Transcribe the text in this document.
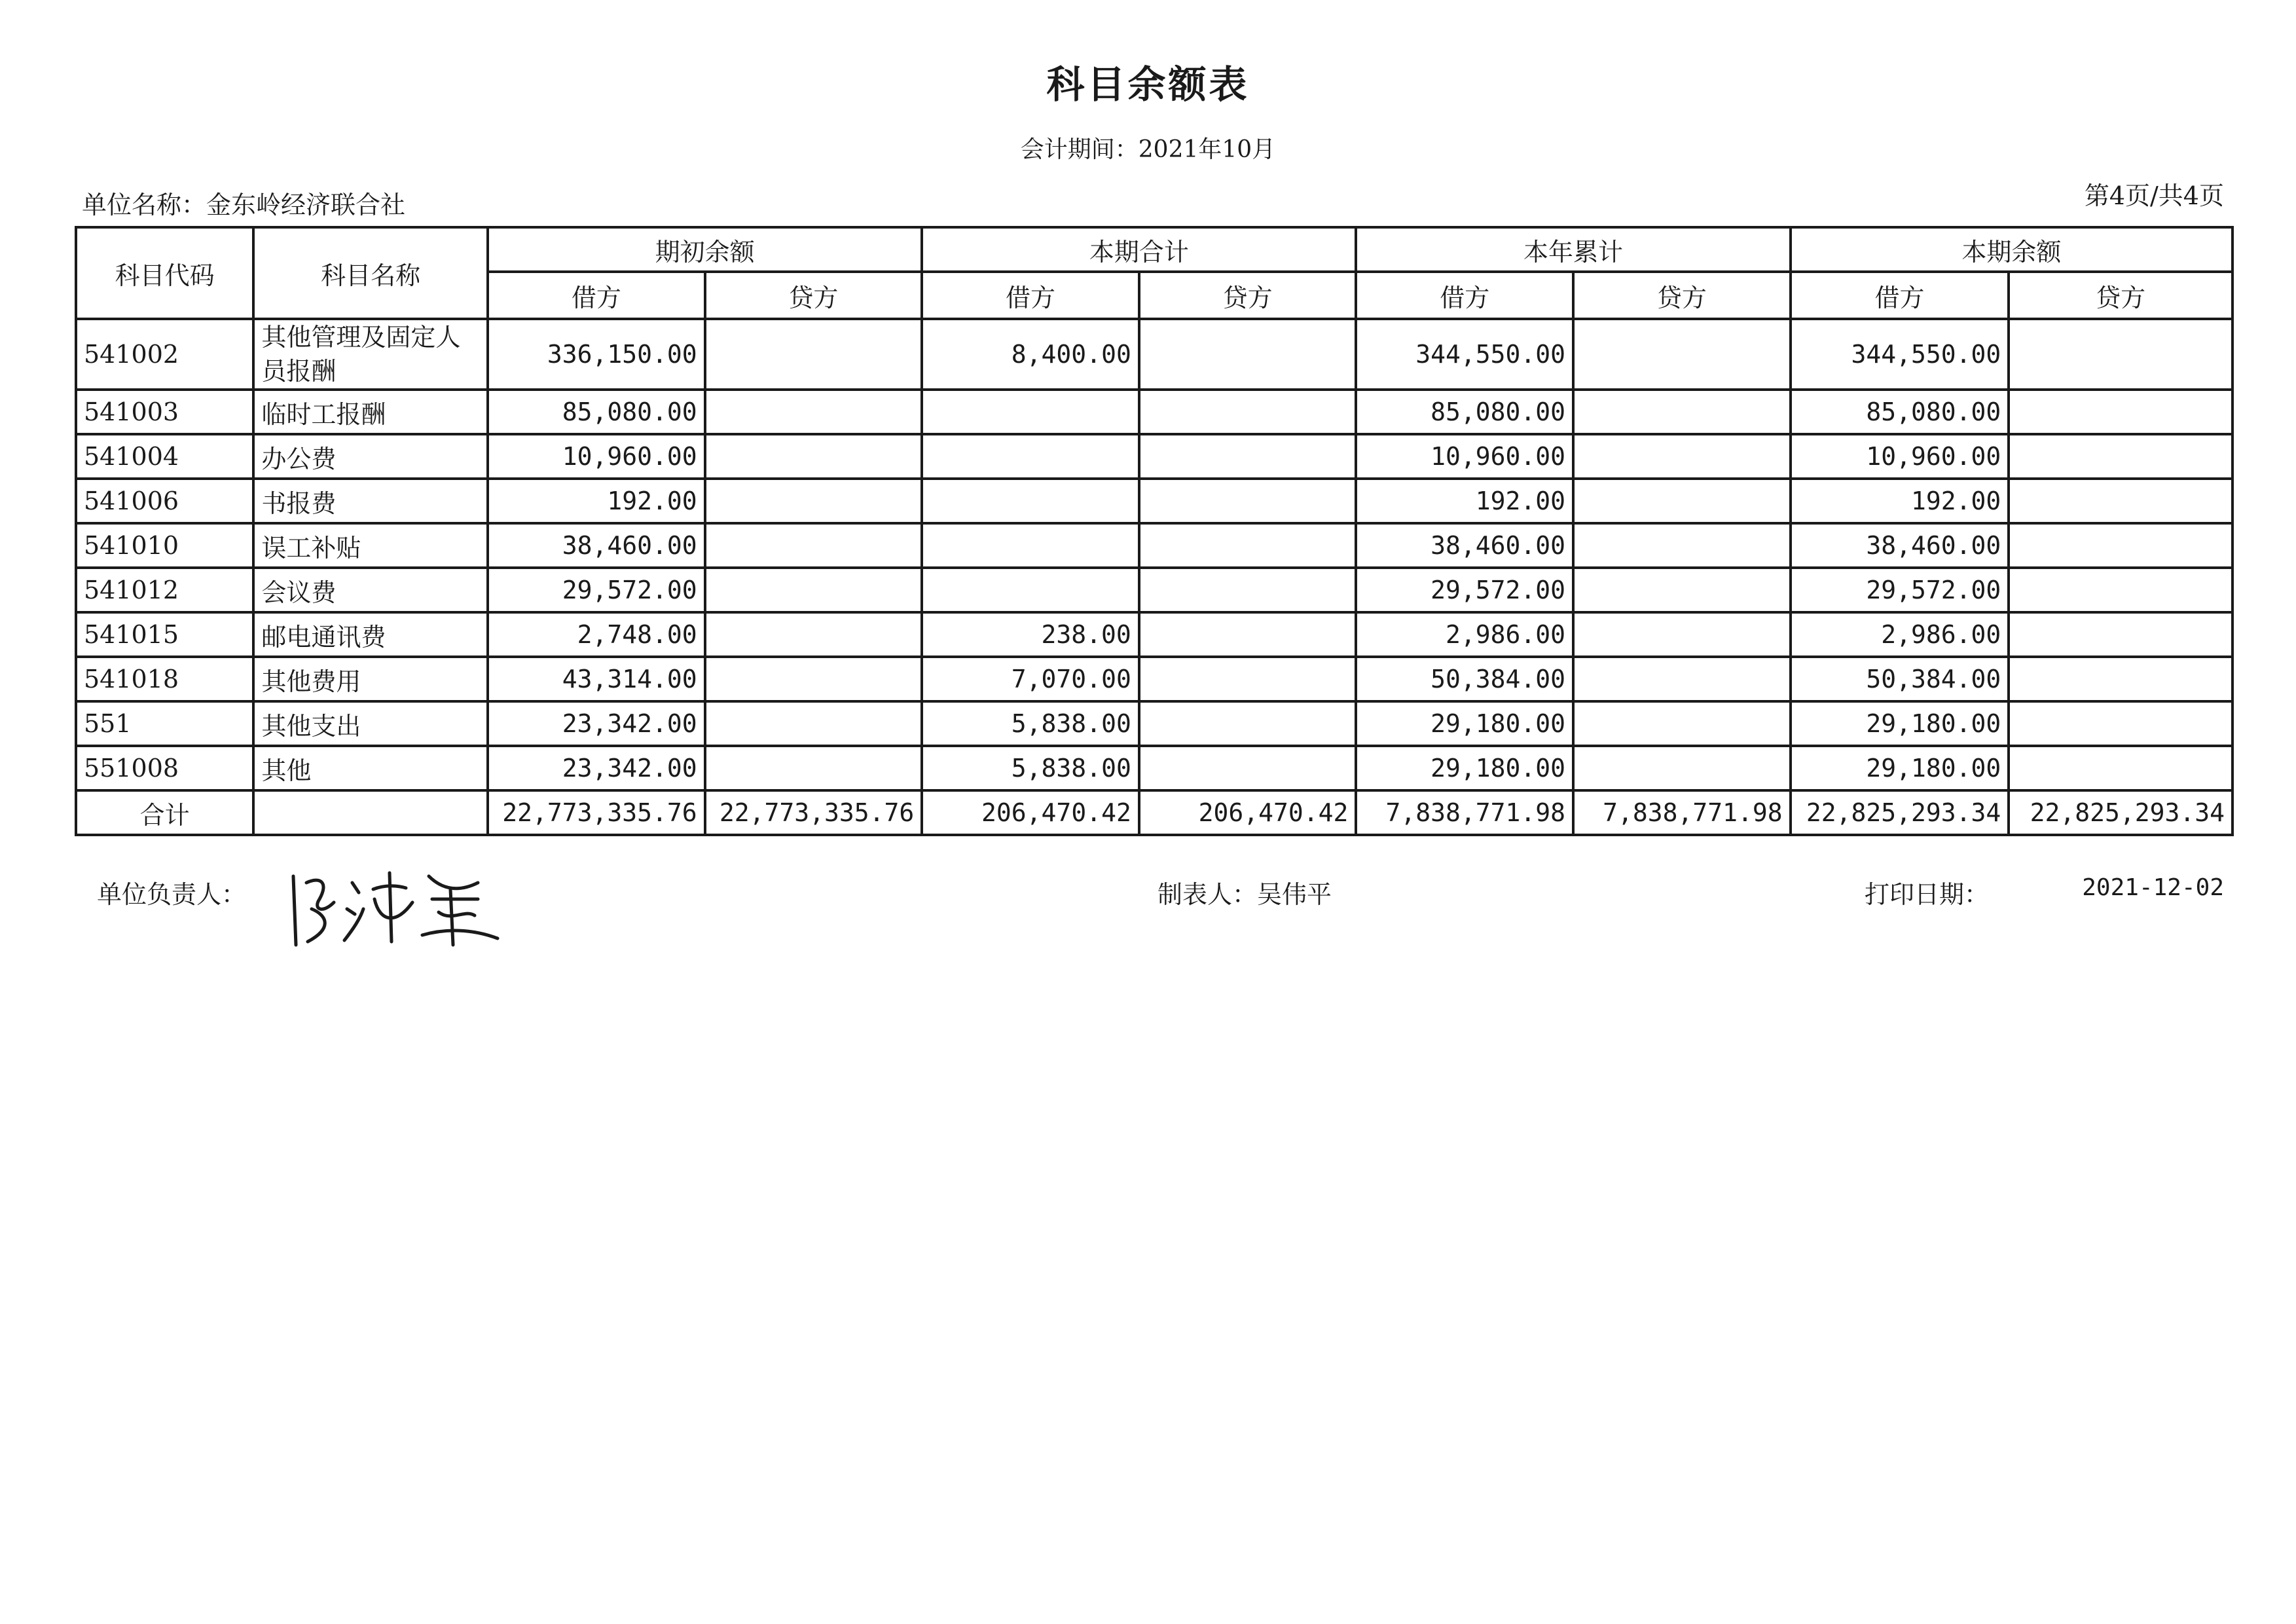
科目余额表
会计期间：2021年10月
单位名称：金东岭经济联合社	第4页/共4页
科目代码	科目名称	期初余额		本期合计		本年累计		本期余额	
		借方	贷方	借方	贷方	借方	贷方	借方	贷方
541002	其他管理及固定人员报酬	336,150.00		8,400.00		344,550.00		344,550.00	
541003	临时工报酬	85,080.00				85,080.00		85,080.00	
541004	办公费	10,960.00				10,960.00		10,960.00	
541006	书报费	192.00				192.00		192.00	
541010	误工补贴	38,460.00				38,460.00		38,460.00	
541012	会议费	29,572.00				29,572.00		29,572.00	
541015	邮电通讯费	2,748.00		238.00		2,986.00		2,986.00	
541018	其他费用	43,314.00		7,070.00		50,384.00		50,384.00	
551	其他支出	23,342.00		5,838.00		29,180.00		29,180.00	
551008	其他	23,342.00		5,838.00		29,180.00		29,180.00	
合计		22,773,335.76	22,773,335.76	206,470.42	206,470.42	7,838,771.98	7,838,771.98	22,825,293.34	22,825,293.34
单位负责人：	制表人：吴伟平	打印日期：	2021-12-02
